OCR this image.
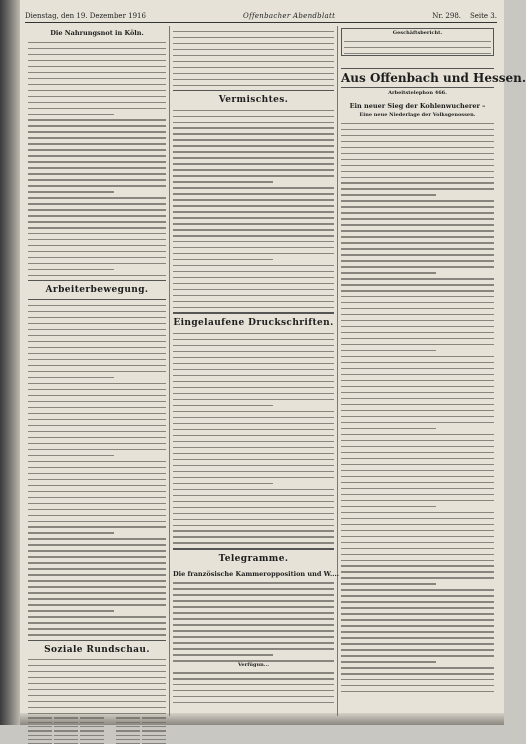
Dienstag, den 19. Dezember 1916	Offenbacher Abendblatt	Nr. 298. Seite 3.
Die Nahrungsnot in Köln.
Arbeiterbewegung.
Soziale Rundschau.
Vermischtes.
Eingelaufene Druckschriften.
Telegramme.
Die französische Kammeropposition und W....
Verfügun...
Geschäftsbericht.
Aus Offenbach und Hessen.
Arbeitstelephon 466.
Ein neuer Sieg der Kohlenwucherer –
Eine neue Niederlage der Volksgenossen.
